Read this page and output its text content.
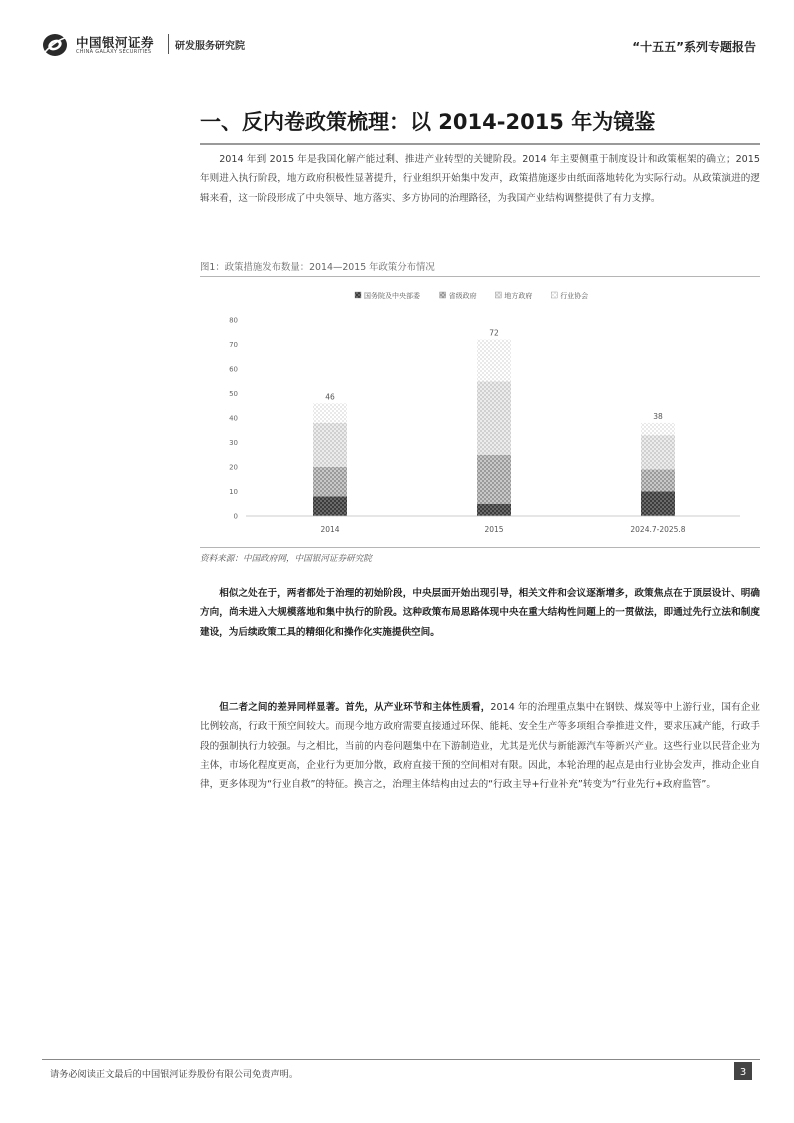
中国银河证券
CHINA GALAXY SECURITIES 研发服务研究院	“十五五”系列专题报告
一、反内卷政策梳理：以 2014-2015 年为镜鉴
2014 年到 2015 年是我国化解产能过剩、推进产业转型的关键阶段。2014 年主要侧重于制度设计和政策框架的确立；2015 年则进入执行阶段，地方政府积极性显著提升，行业组织开始集中发声，政策措施逐步由纸面落地转化为实际行动。从政策演进的逻辑来看，这一阶段形成了中央领导、地方落实、多方协同的治理路径，为我国产业结构调整提供了有力支撑。
图1：政策措施发布数量：2014—2015 年政策分布情况
国务院及中央部委	省级政府	地方政府	行业协会
0
10
20
30
40
50
60
70
80
46
72
38
2014	2015	2024.7-2025.8
资料来源：中国政府网，中国银河证券研究院
相似之处在于，两者都处于治理的初始阶段，中央层面开始出现引导，相关文件和会议逐渐增多，政策焦点在于顶层设计、明确方向，尚未进入大规模落地和集中执行的阶段。这种政策布局思路体现中央在重大结构性问题上的一贯做法，即通过先行立法和制度建设，为后续政策工具的精细化和操作化实施提供空间。
但二者之间的差异同样显著。首先，从产业环节和主体性质看，2014 年的治理重点集中在钢铁、煤炭等中上游行业，国有企业比例较高，行政干预空间较大。而现今地方政府需要直接通过环保、能耗、安全生产等多项组合拳推进文件，要求压减产能，行政手段的强制执行力较强。与之相比，当前的内卷问题集中在下游制造业，尤其是光伏与新能源汽车等新兴产业。这些行业以民营企业为主体，市场化程度更高，企业行为更加分散，政府直接干预的空间相对有限。因此，本轮治理的起点是由行业协会发声，推动企业自律，更多体现为“行业自救”的特征。换言之，治理主体结构由过去的“行政主导+行业补充”转变为“行业先行+政府监管”。
请务必阅读正文最后的中国银河证券股份有限公司免责声明。	3
